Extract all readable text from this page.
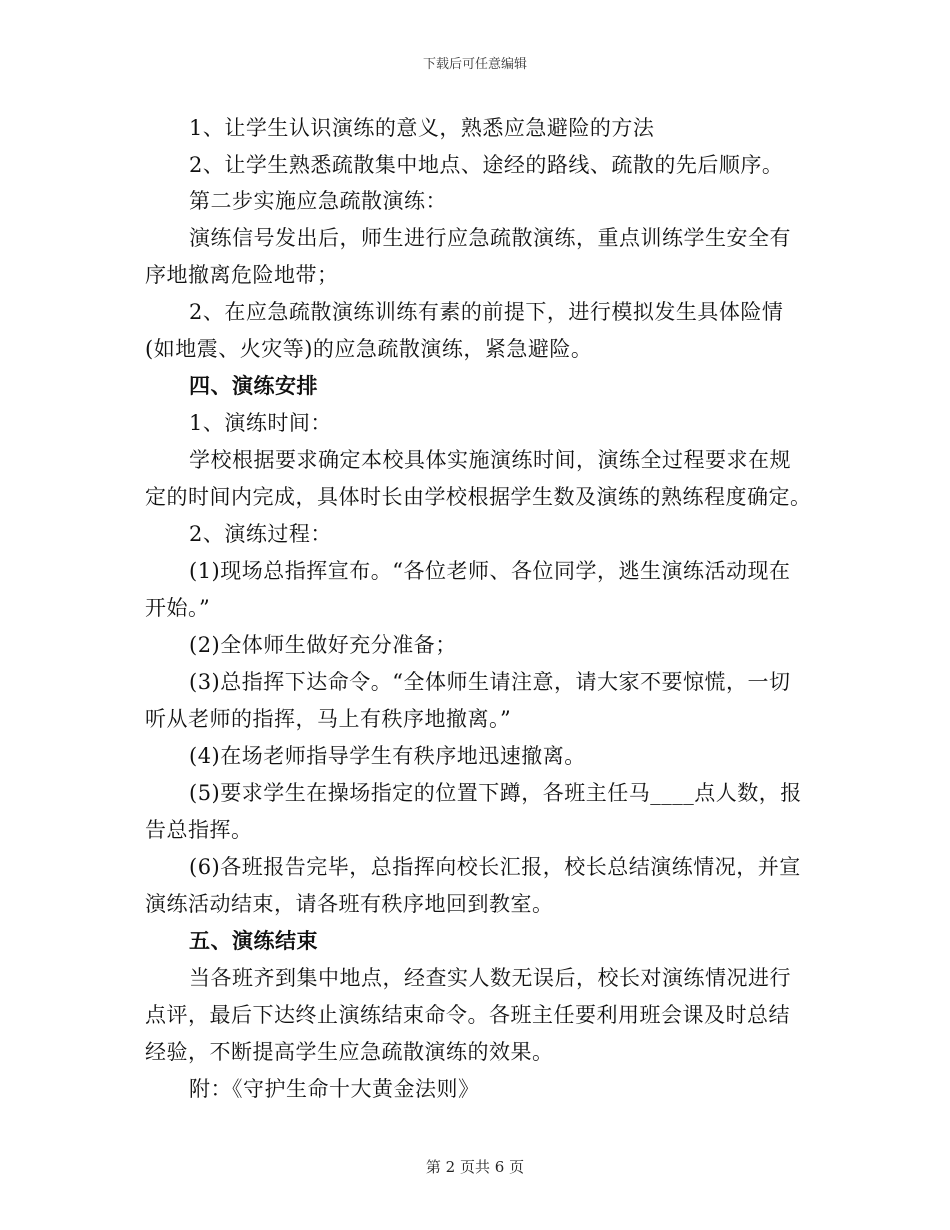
下载后可任意编辑
1、让学生认识演练的意义，熟悉应急避险的方法
2、让学生熟悉疏散集中地点、途经的路线、疏散的先后顺序。
第二步实施应急疏散演练：
演练信号发出后，师生进行应急疏散演练，重点训练学生安全有
序地撤离危险地带；
2、在应急疏散演练训练有素的前提下，进行模拟发生具体险情
(如地震、火灾等)的应急疏散演练，紧急避险。
四、演练安排
1、演练时间：
学校根据要求确定本校具体实施演练时间，演练全过程要求在规
定的时间内完成，具体时长由学校根据学生数及演练的熟练程度确定。
2、演练过程：
(1)现场总指挥宣布。“各位老师、各位同学，逃生演练活动现在
开始。”
(2)全体师生做好充分准备；
(3)总指挥下达命令。“全体师生请注意，请大家不要惊慌，一切
听从老师的指挥，马上有秩序地撤离。”
(4)在场老师指导学生有秩序地迅速撤离。
(5)要求学生在操场指定的位置下蹲，各班主任马____点人数，报
告总指挥。
(6)各班报告完毕，总指挥向校长汇报，校长总结演练情况，并宣
演练活动结束，请各班有秩序地回到教室。
五、演练结束
当各班齐到集中地点，经查实人数无误后，校长对演练情况进行
点评，最后下达终止演练结束命令。各班主任要利用班会课及时总结
经验，不断提高学生应急疏散演练的效果。
附：《守护生命十大黄金法则》
第 2 页共 6 页
